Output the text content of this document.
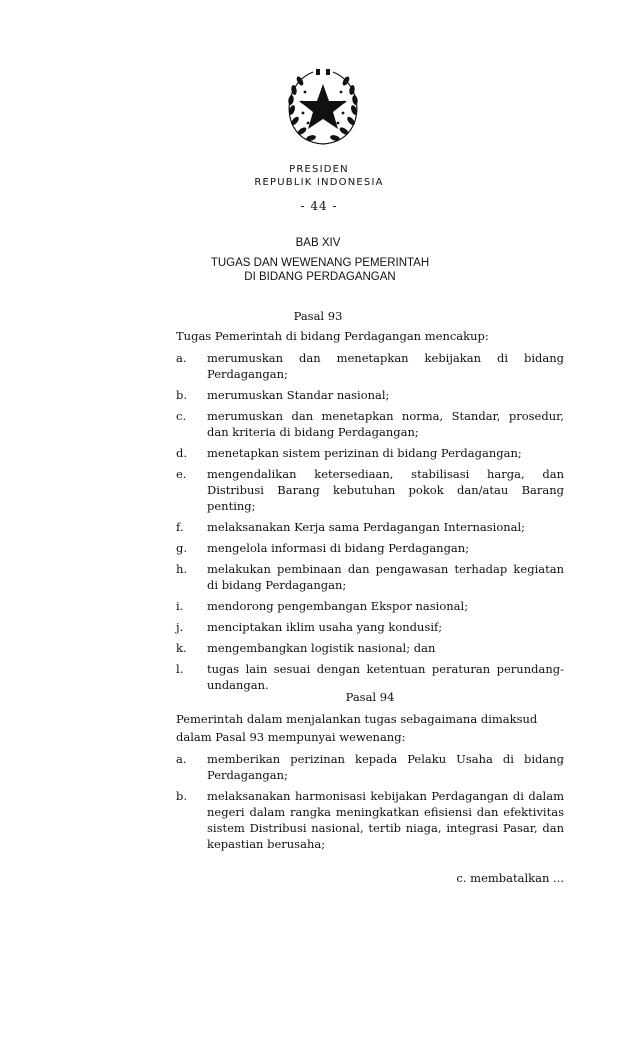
PRESIDEN
REPUBLIK INDONESIA
- 44 -
BAB XIV
TUGAS DAN WEWENANG PEMERINTAH
DI BIDANG PERDAGANGAN
Pasal 93
Tugas Pemerintah di bidang Perdagangan mencakup:
a. merumuskan dan menetapkan kebijakan di bidang Perdagangan;
b. merumuskan Standar nasional;
c. merumuskan dan menetapkan norma, Standar, prosedur, dan kriteria di bidang Perdagangan;
d. menetapkan sistem perizinan di bidang Perdagangan;
e. mengendalikan ketersediaan, stabilisasi harga, dan Distribusi Barang kebutuhan pokok dan/atau Barang penting;
f. melaksanakan Kerja sama Perdagangan Internasional;
g. mengelola informasi di bidang Perdagangan;
h. melakukan pembinaan dan pengawasan terhadap kegiatan di bidang Perdagangan;
i. mendorong pengembangan Ekspor nasional;
j. menciptakan iklim usaha yang kondusif;
k. mengembangkan logistik nasional; dan
l. tugas lain sesuai dengan ketentuan peraturan perundang-undangan.
Pasal 94
Pemerintah dalam menjalankan tugas sebagaimana dimaksud dalam Pasal 93 mempunyai wewenang:
a. memberikan perizinan kepada Pelaku Usaha di bidang Perdagangan;
b. melaksanakan harmonisasi kebijakan Perdagangan di dalam negeri dalam rangka meningkatkan efisiensi dan efektivitas sistem Distribusi nasional, tertib niaga, integrasi Pasar, dan kepastian berusaha;
c. membatalkan ...
